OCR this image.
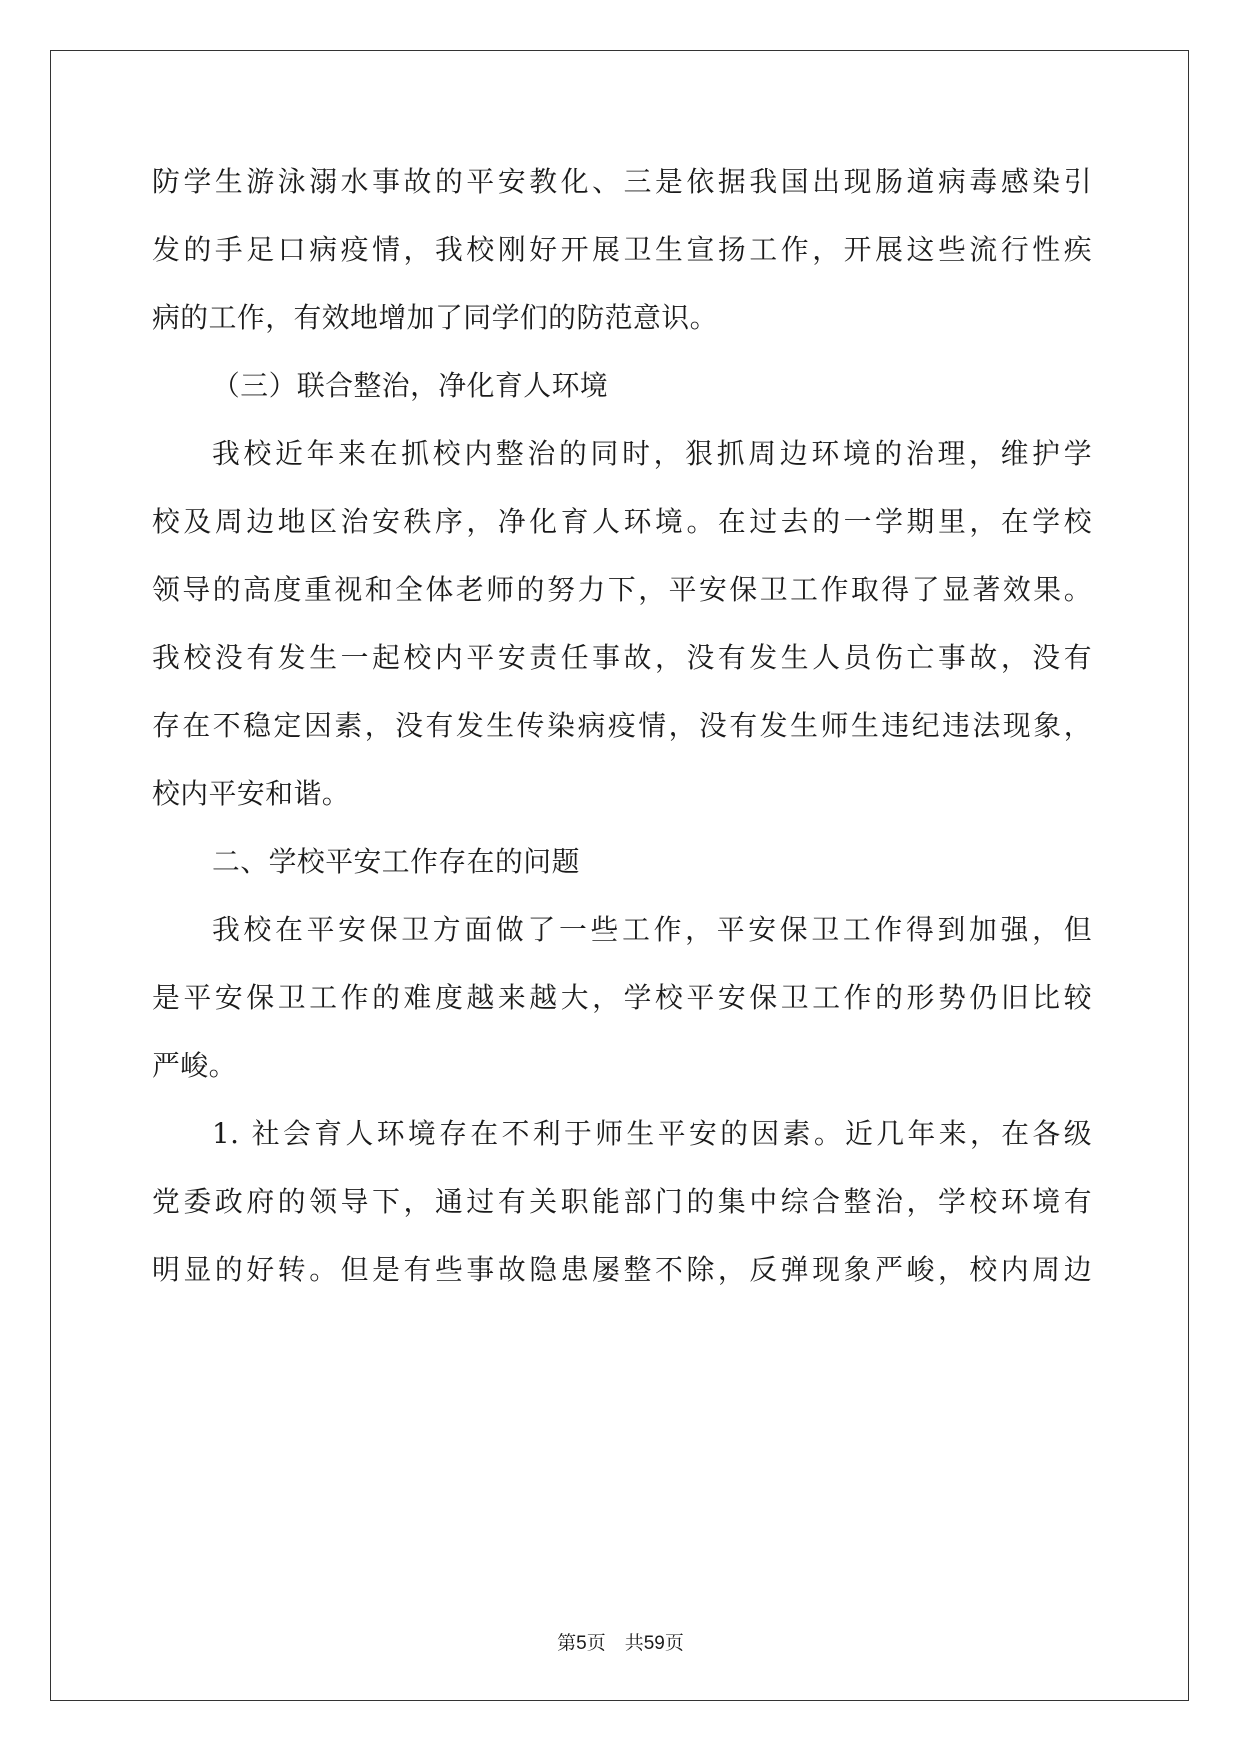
防学生游泳溺水事故的平安教化、三是依据我国出现肠道病毒感染引
发的手足口病疫情，我校刚好开展卫生宣扬工作，开展这些流行性疾
病的工作，有效地增加了同学们的防范意识。
（三）联合整治，净化育人环境
我校近年来在抓校内整治的同时，狠抓周边环境的治理，维护学
校及周边地区治安秩序，净化育人环境。在过去的一学期里，在学校
领导的高度重视和全体老师的努力下，平安保卫工作取得了显著效果。
我校没有发生一起校内平安责任事故，没有发生人员伤亡事故，没有
存在不稳定因素，没有发生传染病疫情，没有发生师生违纪违法现象，
校内平安和谐。
二、学校平安工作存在的问题
我校在平安保卫方面做了一些工作，平安保卫工作得到加强，但
是平安保卫工作的难度越来越大，学校平安保卫工作的形势仍旧比较
严峻。
1. 社会育人环境存在不利于师生平安的因素。近几年来，在各级
党委政府的领导下，通过有关职能部门的集中综合整治，学校环境有
明显的好转。但是有些事故隐患屡整不除，反弹现象严峻，校内周边
第5页　共59页
